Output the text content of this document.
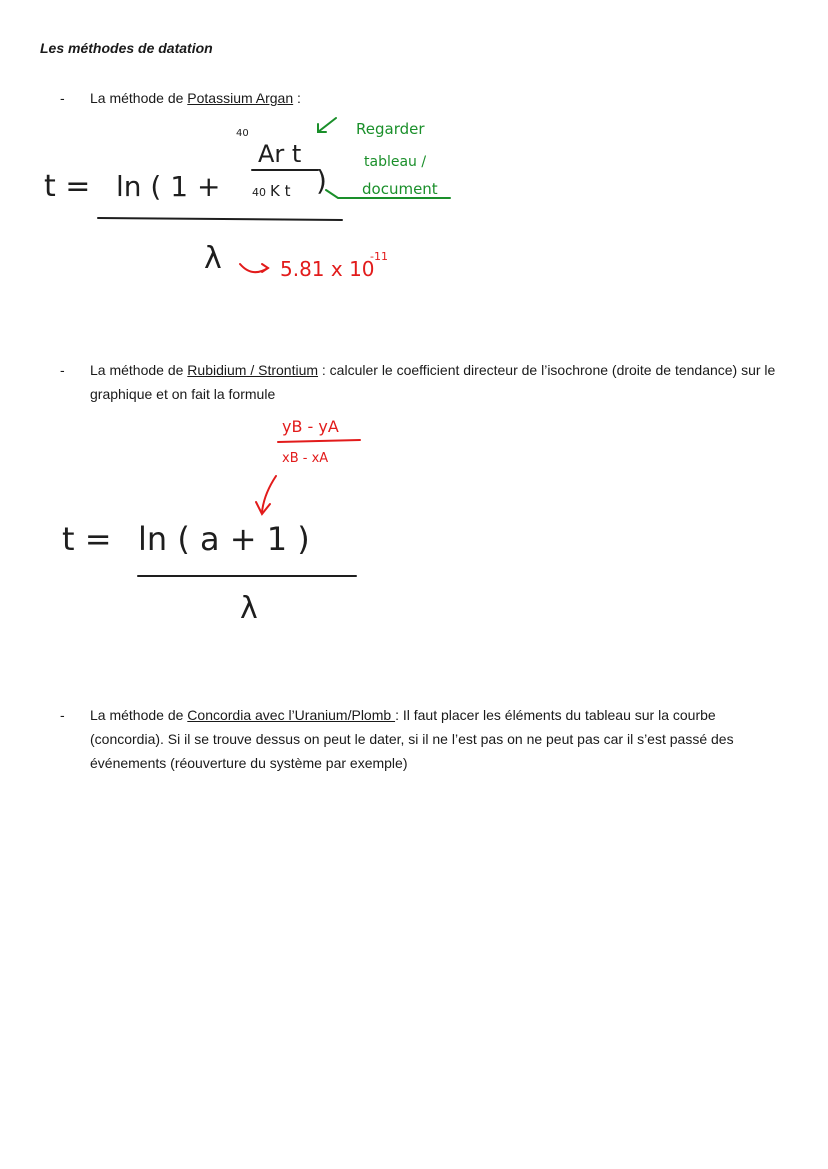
Les méthodes de datation
-	La méthode de Potassium Argan :
t = ln ( 1 +
40
Ar t
40 K t )
λ	5.81 x 10
-11
Regarder
tableau /
document
-	La méthode de Rubidium / Strontium : calculer le coefficient directeur de l’isochrone (droite de tendance) sur le graphique et on fait la formule
yB - yA
xB - xA
t = ln ( a + 1 )
λ
-	La méthode de Concordia avec l’Uranium/Plomb : Il faut placer les éléments du tableau sur la courbe (concordia). Si il se trouve dessus on peut le dater, si il ne l’est pas on ne peut pas car il s’est passé des événements (réouverture du système par exemple)
